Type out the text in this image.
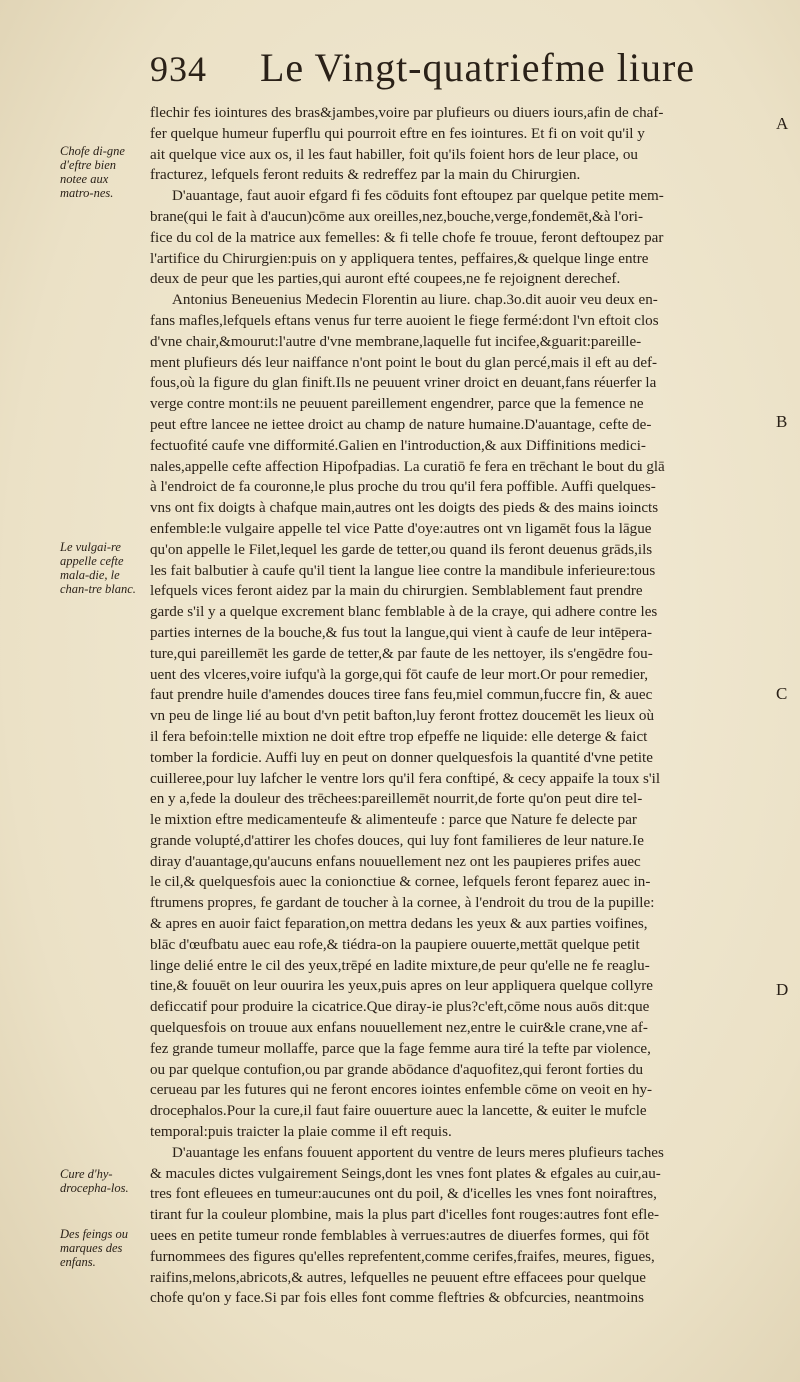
934 Le Vingt-quatriefme liure
Chofe di-gne d'eftre bien notee aux matro-nes.
Le vulgai-re appelle cefte mala-die, le chan-tre blanc.
Cure d'hy-drocepha-los.
Des feings ou marques des enfans.
A
B
C
D
flechir fes iointures des bras&jambes,voire par plufieurs ou diuers iours,afin de chaf-
fer quelque humeur fuperflu qui pourroit eftre en fes iointures. Et fi on voit qu'il y
ait quelque vice aux os, il les faut habiller, foit qu'ils foient hors de leur place, ou
fracturez, lefquels feront reduits & redreffez par la main du Chirurgien.
D'auantage, faut auoir efgard fi fes cōduits font eftoupez par quelque petite mem-
brane(qui le fait à d'aucun)cōme aux oreilles,nez,bouche,verge,fondemēt,&à l'ori-
fice du col de la matrice aux femelles: & fi telle chofe fe trouue, feront deftoupez par
l'artifice du Chirurgien:puis on y appliquera tentes, peffaires,& quelque linge entre
deux de peur que les parties,qui auront efté coupees,ne fe rejoignent derechef.
Antonius Beneuenius Medecin Florentin au liure. chap.3o.dit auoir veu deux en-
fans mafles,lefquels eftans venus fur terre auoient le fiege fermé:dont l'vn eftoit clos
d'vne chair,&mourut:l'autre d'vne membrane,laquelle fut incifee,&guarit:pareille-
ment plufieurs dés leur naiffance n'ont point le bout du glan percé,mais il eft au def-
fous,où la figure du glan finift.Ils ne peuuent vriner droict en deuant,fans réuerfer la
verge contre mont:ils ne peuuent pareillement engendrer, parce que la femence ne
peut eftre lancee ne iettee droict au champ de nature humaine.D'auantage, cefte de-
fectuofité caufe vne difformité.Galien en l'introduction,& aux Diffinitions medici-
nales,appelle cefte affection Hipofpadias. La curatiō fe fera en trēchant le bout du glā
à l'endroict de fa couronne,le plus proche du trou qu'il fera poffible. Auffi quelques-
vns ont fix doigts à chafque main,autres ont les doigts des pieds & des mains ioincts
enfemble:le vulgaire appelle tel vice Patte d'oye:autres ont vn ligamēt fous la lāgue
qu'on appelle le Filet,lequel les garde de tetter,ou quand ils feront deuenus grāds,ils
les fait balbutier à caufe qu'il tient la langue liee contre la mandibule inferieure:tous
lefquels vices feront aidez par la main du chirurgien. Semblablement faut prendre
garde s'il y a quelque excrement blanc femblable à de la craye, qui adhere contre les
parties internes de la bouche,& fus tout la langue,qui vient à caufe de leur intēpera-
ture,qui pareillemēt les garde de tetter,& par faute de les nettoyer, ils s'engēdre fou-
uent des vlceres,voire iufqu'à la gorge,qui fōt caufe de leur mort.Or pour remedier,
faut prendre huile d'amendes douces tiree fans feu,miel commun,fuccre fin, & auec
vn peu de linge lié au bout d'vn petit bafton,luy feront frottez doucemēt les lieux où
il fera befoin:telle mixtion ne doit eftre trop efpeffe ne liquide: elle deterge & faict
tomber la fordicie. Auffi luy en peut on donner quelquesfois la quantité d'vne petite
cuilleree,pour luy lafcher le ventre lors qu'il fera conftipé, & cecy appaife la toux s'il
en y a,fede la douleur des trēchees:pareillemēt nourrit,de forte qu'on peut dire tel-
le mixtion eftre medicamenteufe & alimenteufe : parce que Nature fe delecte par
grande volupté,d'attirer les chofes douces, qui luy font familieres de leur nature.Ie
diray d'auantage,qu'aucuns enfans nouuellement nez ont les paupieres prifes auec
le cil,& quelquesfois auec la conionctiue & cornee, lefquels feront feparez auec in-
ftrumens propres, fe gardant de toucher à la cornee, à l'endroit du trou de la pupille:
& apres en auoir faict feparation,on mettra dedans les yeux & aux parties voifines,
blāc d'œufbatu auec eau rofe,& tiédra-on la paupiere ouuerte,mettāt quelque petit
linge delié entre le cil des yeux,trēpé en ladite mixture,de peur qu'elle ne fe reaglu-
tine,& fouuēt on leur ouurira les yeux,puis apres on leur appliquera quelque collyre
deficcatif pour produire la cicatrice.Que diray-ie plus?c'eft,cōme nous auōs dit:que
quelquesfois on trouue aux enfans nouuellement nez,entre le cuir&le crane,vne af-
fez grande tumeur mollaffe, parce que la fage femme aura tiré la tefte par violence,
ou par quelque contufion,ou par grande abōdance d'aquofitez,qui feront forties du
cerueau par les futures qui ne feront encores iointes enfemble cōme on veoit en hy-
drocephalos.Pour la cure,il faut faire ouuerture auec la lancette, & euiter le mufcle
temporal:puis traicter la plaie comme il eft requis.
D'auantage les enfans fouuent apportent du ventre de leurs meres plufieurs taches
& macules dictes vulgairement Seings,dont les vnes font plates & efgales au cuir,au-
tres font efleuees en tumeur:aucunes ont du poil, & d'icelles les vnes font noiraftres,
tirant fur la couleur plombine, mais la plus part d'icelles font rouges:autres font efle-
uees en petite tumeur ronde femblables à verrues:autres de diuerfes formes, qui fōt
furnommees des figures qu'elles reprefentent,comme cerifes,fraifes, meures, figues,
raifins,melons,abricots,& autres, lefquelles ne peuuent eftre effacees pour quelque
chofe qu'on y face.Si par fois elles font comme fleftries & obfcurcies, neantmoins
